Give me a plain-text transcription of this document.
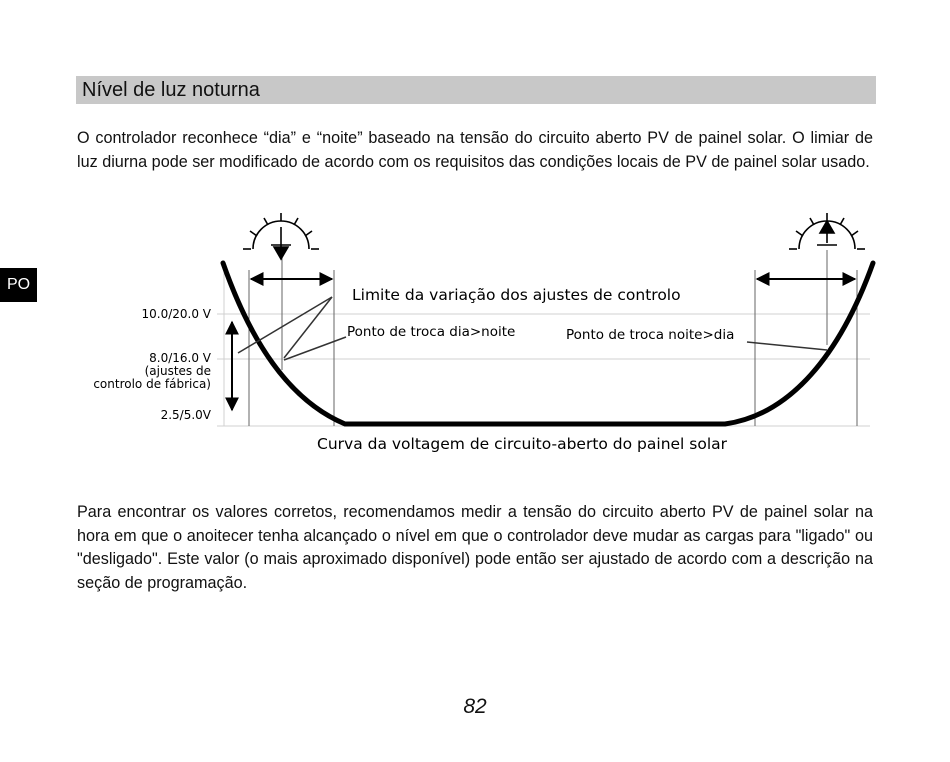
PO
Nível de luz noturna

O controlador reconhece “dia” e “noite” baseado na tensão do circuito aberto PV de painel solar. O limiar de luz diurna pode ser modificado de acordo com os requisitos das condições locais de PV de painel solar usado.

10.0/20.0 V
8.0/16.0 V
(ajustes de
controlo de fábrica)
2.5/5.0V
Limite da variação dos ajustes de controlo
Ponto de troca dia>noite	Ponto de troca noite>dia
Curva da voltagem de circuito-aberto do painel solar

Para encontrar os valores corretos, recomendamos medir a tensão do circuito aberto PV de painel solar na hora em que o anoitecer tenha alcançado o nível em que o controlador deve mudar as cargas para "ligado" ou "desligado". Este valor (o mais aproximado disponível) pode então ser ajustado de acordo com a descrição na seção de programação.

82
